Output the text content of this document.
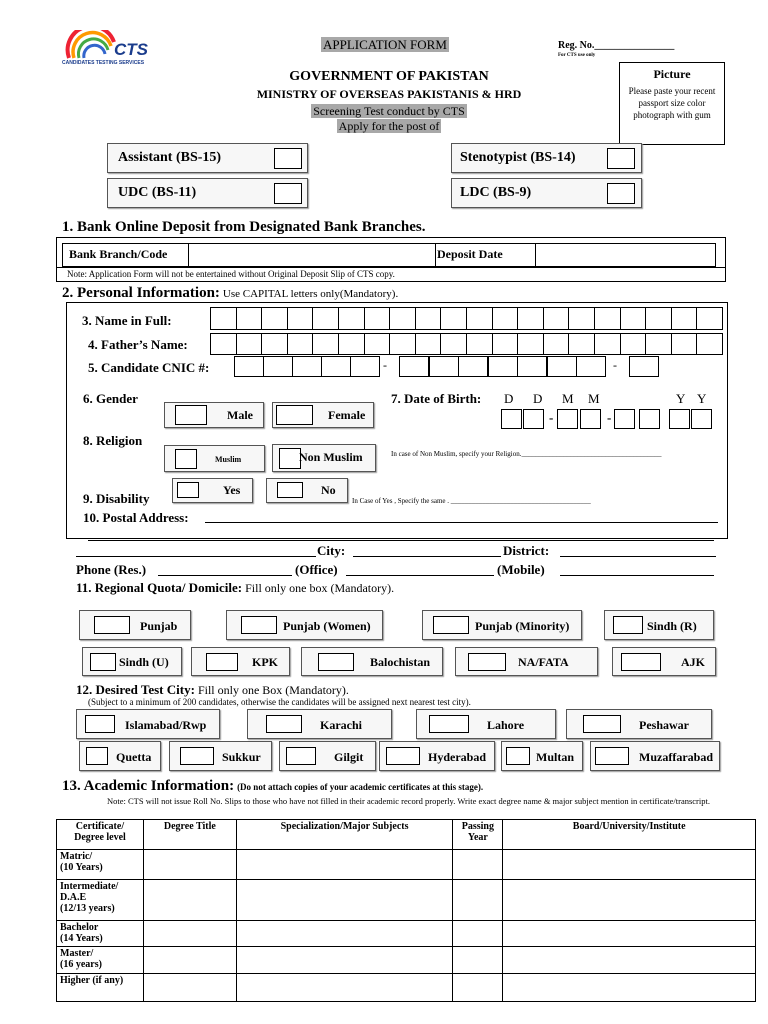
CTS
CANDIDATES TESTING SERVICES
APPLICATION FORM	Reg. No.________________
For CTS use only
GOVERNMENT OF PAKISTAN
MINISTRY OF OVERSEAS PAKISTANIS & HRD
Screening Test conduct by CTS
Apply for the post of
Picture
Please paste your recent passport size color photograph with gum
Assistant (BS-15)	Stenotypist (BS-14)
UDC (BS-11)	LDC (BS-9)
1. Bank Online Deposit from Designated Bank Branches.
Bank Branch/Code	Deposit Date
Note: Application Form will not be entertained without Original Deposit Slip of CTS copy.
2. Personal Information: Use CAPITAL letters only(Mandatory).
3. Name in Full:
4. Father’s Name:
5. Candidate CNIC #:	-	-
6. Gender
Male	Female
7. Date of Birth: D D M M	Y Y
-	-
8. Religion
Muslim	Non Muslim	In case of Non Muslim, specify your Religion.________________________________________
9. Disability
Yes	No
In Case of Yes , Specify the same . ________________________________________
10. Postal Address:
City:	District:
Phone (Res.)	(Office)	(Mobile)
11. Regional Quota/ Domicile: Fill only one box (Mandatory).
Punjab	Punjab (Women)	Punjab (Minority)	Sindh (R)
Sindh (U)	KPK	Balochistan	NA/FATA	AJK
12. Desired Test City: Fill only one Box (Mandatory).
(Subject to a minimum of 200 candidates, otherwise the candidates will be assigned next nearest test city).
Islamabad/Rwp	Karachi	Lahore	Peshawar
Quetta	Sukkur	Gilgit	Hyderabad	Multan	Muzaffarabad
13. Academic Information: (Do not attach copies of your academic certificates at this stage).
Note: CTS will not issue Roll No. Slips to those who have not filled in their academic record properly. Write exact degree name & major subject mention in certificate/transcript.
Certificate/ Degree level	Degree Title	Specialization/Major Subjects	Passing Year	Board/University/Institute
Matric/
(10 Years)				
Intermediate/ D.A.E
(12/13 years)				
Bachelor
(14 Years)				
Master/
(16 years)				
Higher (if any)				
